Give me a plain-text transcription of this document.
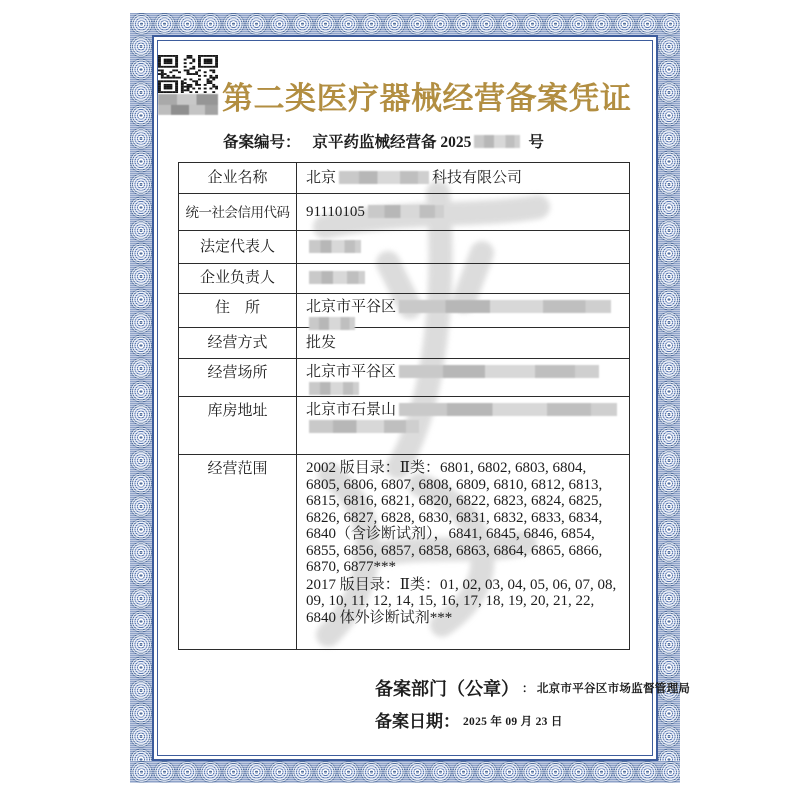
第二类医疗器械经营备案凭证
备案编号： 京平药监械经营备 2025	号
企业名称	北京	科技有限公司
统一社会信用代码	91110105
法定代表人
企业负责人
住　所	北京市平谷区
经营方式	批发
经营场所	北京市平谷区
库房地址	北京市石景山
经营范围	2002 版目录：Ⅱ类：6801, 6802, 6803, 6804, 6805, 6806, 6807, 6808, 6809, 6810, 6812, 6813, 6815, 6816, 6821, 6820, 6822, 6823, 6824, 6825, 6826, 6827, 6828, 6830, 6831, 6832, 6833, 6834, 6840（含诊断试剂），6841, 6845, 6846, 6854, 6855, 6856, 6857, 6858, 6863, 6864, 6865, 6866, 6870, 6877***
2017 版目录：Ⅱ类：01, 02, 03, 04, 05, 06, 07, 08, 09, 10, 11, 12, 14, 15, 16, 17, 18, 19, 20, 21, 22, 6840 体外诊断试剂***
备案部门（公章） ： 北京市平谷区市场监督管理局
备案日期： 2025 年 09 月 23 日
